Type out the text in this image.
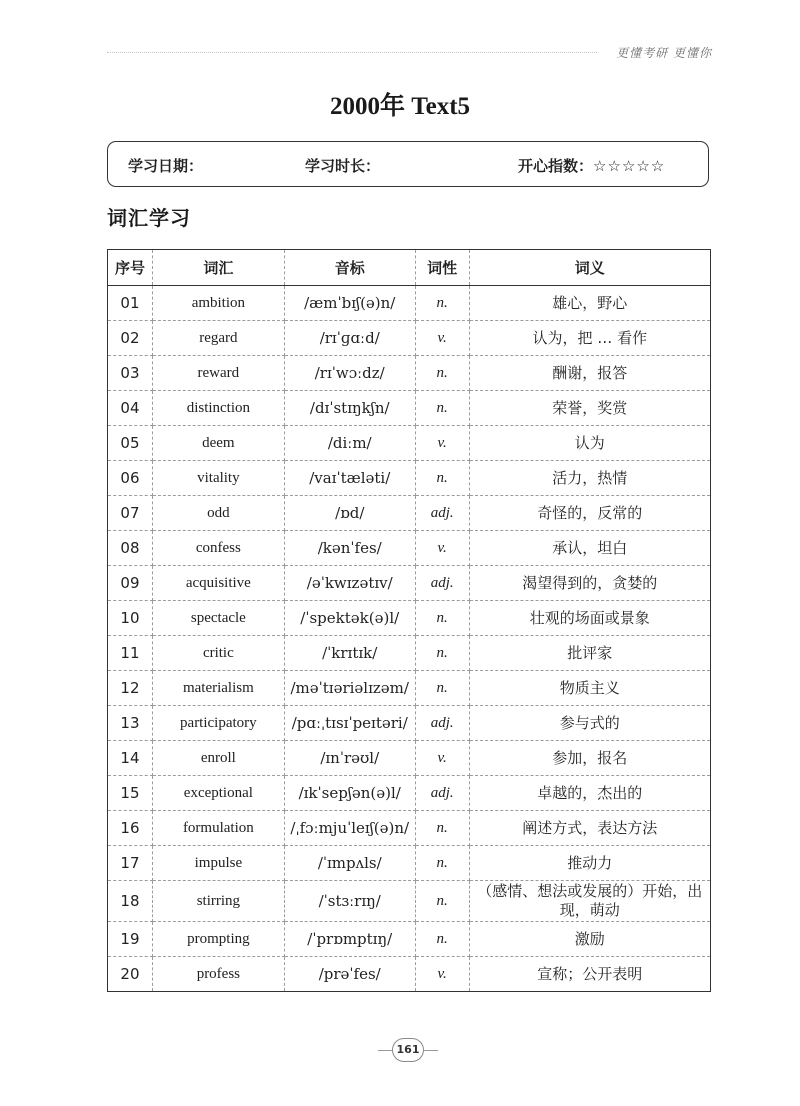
更懂考研 更懂你
2000年 Text5
学习日期：	学习时长：	开心指数：☆☆☆☆☆
词汇学习
序号	词汇	音标	词性	词义
01	ambition	/æmˈbɪʃ(ə)n/	n.	雄心，野心
02	regard	/rɪˈɡɑːd/	v.	认为，把 … 看作
03	reward	/rɪˈwɔːdz/	n.	酬谢，报答
04	distinction	/dɪˈstɪŋkʃn/	n.	荣誉，奖赏
05	deem	/diːm/	v.	认为
06	vitality	/vaɪˈtæləti/	n.	活力，热情
07	odd	/ɒd/	adj.	奇怪的，反常的
08	confess	/kənˈfes/	v.	承认，坦白
09	acquisitive	/əˈkwɪzətɪv/	adj.	渴望得到的，贪婪的
10	spectacle	/ˈspektək(ə)l/	n.	壮观的场面或景象
11	critic	/ˈkrɪtɪk/	n.	批评家
12	materialism	/məˈtɪəriəlɪzəm/	n.	物质主义
13	participatory	/pɑːˌtɪsɪˈpeɪtəri/	adj.	参与式的
14	enroll	/ɪnˈrəʊl/	v.	参加，报名
15	exceptional	/ɪkˈsepʃən(ə)l/	adj.	卓越的，杰出的
16	formulation	/ˌfɔːmjuˈleɪʃ(ə)n/	n.	阐述方式，表达方法
17	impulse	/ˈɪmpʌls/	n.	推动力
18	stirring	/ˈstɜːrɪŋ/	n.	（感情、想法或发展的）开始，出现，萌动
19	prompting	/ˈprɒmptɪŋ/	n.	激励
20	profess	/prəˈfes/	v.	宣称；公开表明
161
